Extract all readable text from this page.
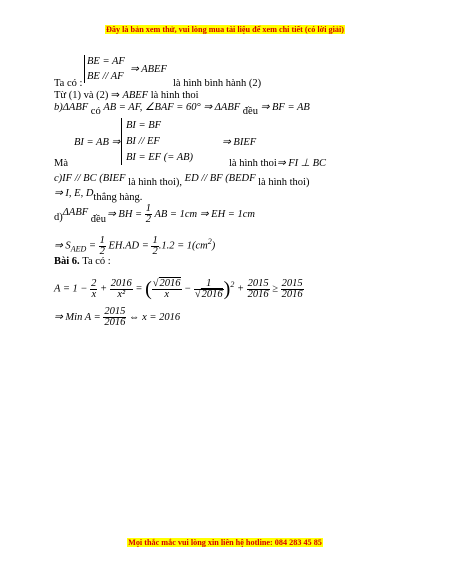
Đây là bản xem thử, vui lòng mua tài liệu để xem chi tiết (có lời giải)
BE = AF
BE // AF
⇒ ABEF
Ta có :	là hình bình hành (2)
Từ (1) và (2) ⇒ ABEF là hình thoi
b)ΔABF có AB = AF, ∠BAF = 60° ⇒ ΔABF đều ⇒ BF = AB
BI = AB ⇒
BI = BF
BI // EF
BI = EF (= AB)
⇒ BIEF
Mà	là hình thoi⇒ FI ⊥ BC
c)IF // BC (BIEF là hình thoi), ED // BF (BEDF là hình thoi)
⇒ I, E, Dthẳng hàng.
d)ΔABF đều ⇒ BH = $\frac{1}{2}$ AB = 1cm ⇒ EH = 1cm
⇒ $S_{AED} = \frac{1}{2} EH.AD = \frac{1}{2} .1.2 = 1(cm^2)$
Bài 6. Ta có :
$A = 1 - \frac{2}{x} + \frac{2016}{\text{x²}}$ = ( $\frac{√2016}{x} - \frac{1}{√2016} )^2 + \frac{2015}{2016} \ge \frac{2015}{2016}$
⇒ Min $A = \frac{2015}{2016}$ ⇔ x = 2016
Mọi thắc mắc vui lòng xin liên hệ hotline: 084 283 45 85
